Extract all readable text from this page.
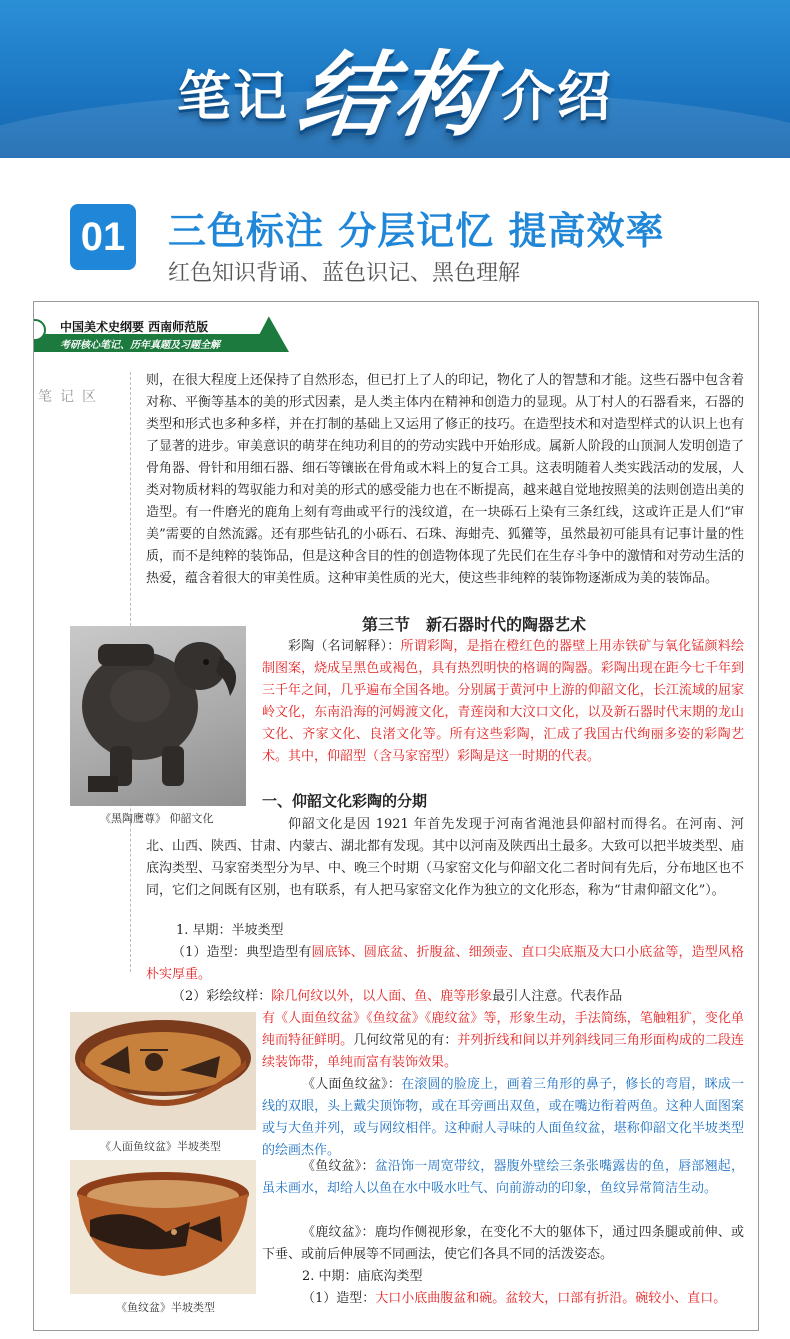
笔记 结构 介绍
01 三色标注 分层记忆 提高效率
红色知识背诵、蓝色识记、黑色理解
中国美术史纲要 西南师范版
考研核心笔记、历年真题及习题全解
笔记区
则，在很大程度上还保持了自然形态，但已打上了人的印记，物化了人的智慧和才能。这些石器中包含着对称、平衡等基本的美的形式因素，是人类主体内在精神和创造力的显现。从丁村人的石器看来，石器的类型和形式也多种多样，并在打制的基础上又运用了修正的技巧。在造型技术和对造型样式的认识上也有了显著的进步。审美意识的萌芽在纯功利目的的劳动实践中开始形成。属新人阶段的山顶洞人发明创造了骨角器、骨针和用细石器、细石等镶嵌在骨角或木料上的复合工具。这表明随着人类实践活动的发展，人类对物质材料的驾驭能力和对美的形式的感受能力也在不断提高，越来越自觉地按照美的法则创造出美的造型。有一件磨光的鹿角上刻有弯曲或平行的浅纹道，在一块砾石上染有三条红线，这或许正是人们“审美”需要的自然流露。还有那些钻孔的小砾石、石珠、海蚶壳、狐獾等，虽然最初可能具有记事计量的性质，而不是纯粹的装饰品，但是这种含目的性的创造物体现了先民们在生存斗争中的激情和对劳动生活的热爱，蕴含着很大的审美性质。这种审美性质的光大，使这些非纯粹的装饰物逐渐成为美的装饰品。
第三节　新石器时代的陶器艺术
《黑陶鹰尊》 仰韶文化
彩陶（名词解释）：所谓彩陶，是指在橙红色的器壁上用赤铁矿与氧化锰颜料绘制图案，烧成呈黑色或褐色，具有热烈明快的格调的陶器。彩陶出现在距今七千年到三千年之间，几乎遍布全国各地。分别属于黄河中上游的仰韶文化，长江流域的屈家岭文化，东南沿海的河姆渡文化，青莲岗和大汶口文化，以及新石器时代末期的龙山文化、齐家文化、良渚文化等。所有这些彩陶，汇成了我国古代绚丽多姿的彩陶艺术。其中，仰韶型（含马家窑型）彩陶是这一时期的代表。
一、仰韶文化彩陶的分期
仰韶文化是因 1921 年首先发现于河南省渑池县仰韶村而得名。在河南、河北、山西、陕西、甘肃、内蒙古、湖北都有发现。其中以河南及陕西出土最多。大致可以把半坡类型、庙底沟类型、马家窑类型分为早、中、晚三个时期（马家窑文化与仰韶文化二者时间有先后，分布地区也不同，它们之间既有区别，也有联系，有人把马家窑文化作为独立的文化形态，称为“甘肃仰韶文化”）。
1. 早期：半坡类型
（1）造型：典型造型有圆底钵、圆底盆、折腹盆、细颈壶、直口尖底瓶及大口小底盆等，造型风格朴实厚重。
（2）彩绘纹样：除几何纹以外，以人面、鱼、鹿等形象最引人注意。代表作品
《人面鱼纹盆》半坡类型
有《人面鱼纹盆》《鱼纹盆》《鹿纹盆》等，形象生动，手法简练，笔触粗犷，变化单纯而特征鲜明。几何纹常见的有：并列折线和间以并列斜线同三角形面构成的二段连续装饰带，单纯而富有装饰效果。
《人面鱼纹盆》：在滚圆的脸庞上，画着三角形的鼻子，修长的弯眉，眯成一线的双眼，头上戴尖顶饰物，或在耳旁画出双鱼，或在嘴边衔着两鱼。这种人面图案或与大鱼并列，或与网纹相伴。这种耐人寻味的人面鱼纹盆，堪称仰韶文化半坡类型的绘画杰作。
《鱼纹盆》半坡类型
《鱼纹盆》：盆沿饰一周宽带纹，器腹外壁绘三条张嘴露齿的鱼，唇部翘起，虽未画水，却给人以鱼在水中吸水吐气、向前游动的印象，鱼纹异常简洁生动。
《鹿纹盆》：鹿均作侧视形象，在变化不大的躯体下，通过四条腿或前伸、或下垂、或前后伸展等不同画法，使它们各具不同的活泼姿态。
2. 中期：庙底沟类型
（1）造型：大口小底曲腹盆和碗。盆较大，口部有折沿。碗较小、直口。
